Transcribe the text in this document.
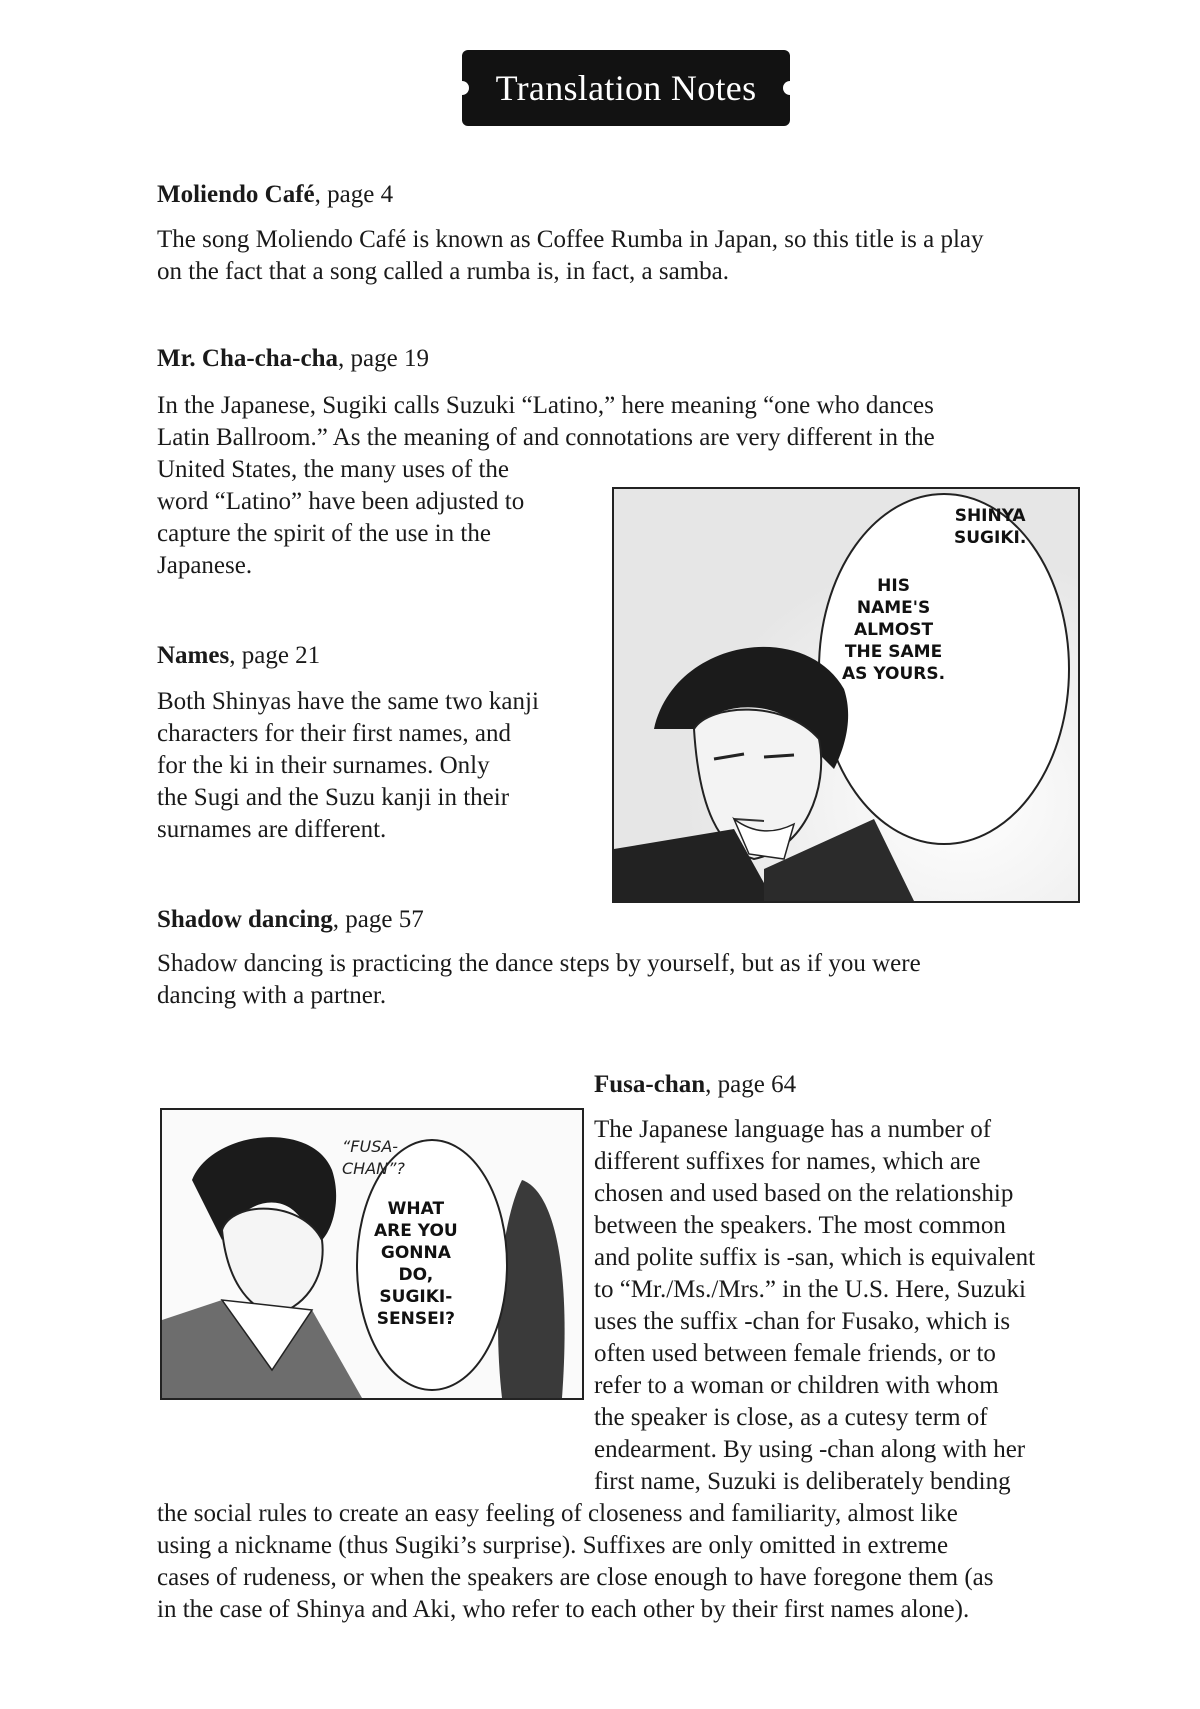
Translation Notes
Moliendo Café, page 4
The song Moliendo Café is known as Coffee Rumba in Japan, so this title is a play
on the fact that a song called a rumba is, in fact, a samba.
Mr. Cha-cha-cha, page 19
In the Japanese, Sugiki calls Suzuki “Latino,” here meaning “one who dances
Latin Ballroom.” As the meaning of and connotations are very different in the
United States, the many uses of the
word “Latino” have been adjusted to
capture the spirit of the use in the
Japanese.
Names, page 21
Both Shinyas have the same two kanji
characters for their first names, and
for the ki in their surnames. Only
the Sugi and the Suzu kanji in their
surnames are different.
SHINYA
SUGIKI.
HIS
NAME'S
ALMOST
THE SAME
AS YOURS.
Shadow dancing, page 57
Shadow dancing is practicing the dance steps by yourself, but as if you were
dancing with a partner.
“FUSA-
CHAN”?
WHAT
ARE YOU
GONNA
DO,
SUGIKI-
SENSEI?
Fusa-chan, page 64
The Japanese language has a number of
different suffixes for names, which are
chosen and used based on the relationship
between the speakers. The most common
and polite suffix is -san, which is equivalent
to “Mr./Ms./Mrs.” in the U.S. Here, Suzuki
uses the suffix -chan for Fusako, which is
often used between female friends, or to
refer to a woman or children with whom
the speaker is close, as a cutesy term of
endearment. By using -chan along with her
first name, Suzuki is deliberately bending
the social rules to create an easy feeling of closeness and familiarity, almost like
using a nickname (thus Sugiki’s surprise). Suffixes are only omitted in extreme
cases of rudeness, or when the speakers are close enough to have foregone them (as
in the case of Shinya and Aki, who refer to each other by their first names alone).
